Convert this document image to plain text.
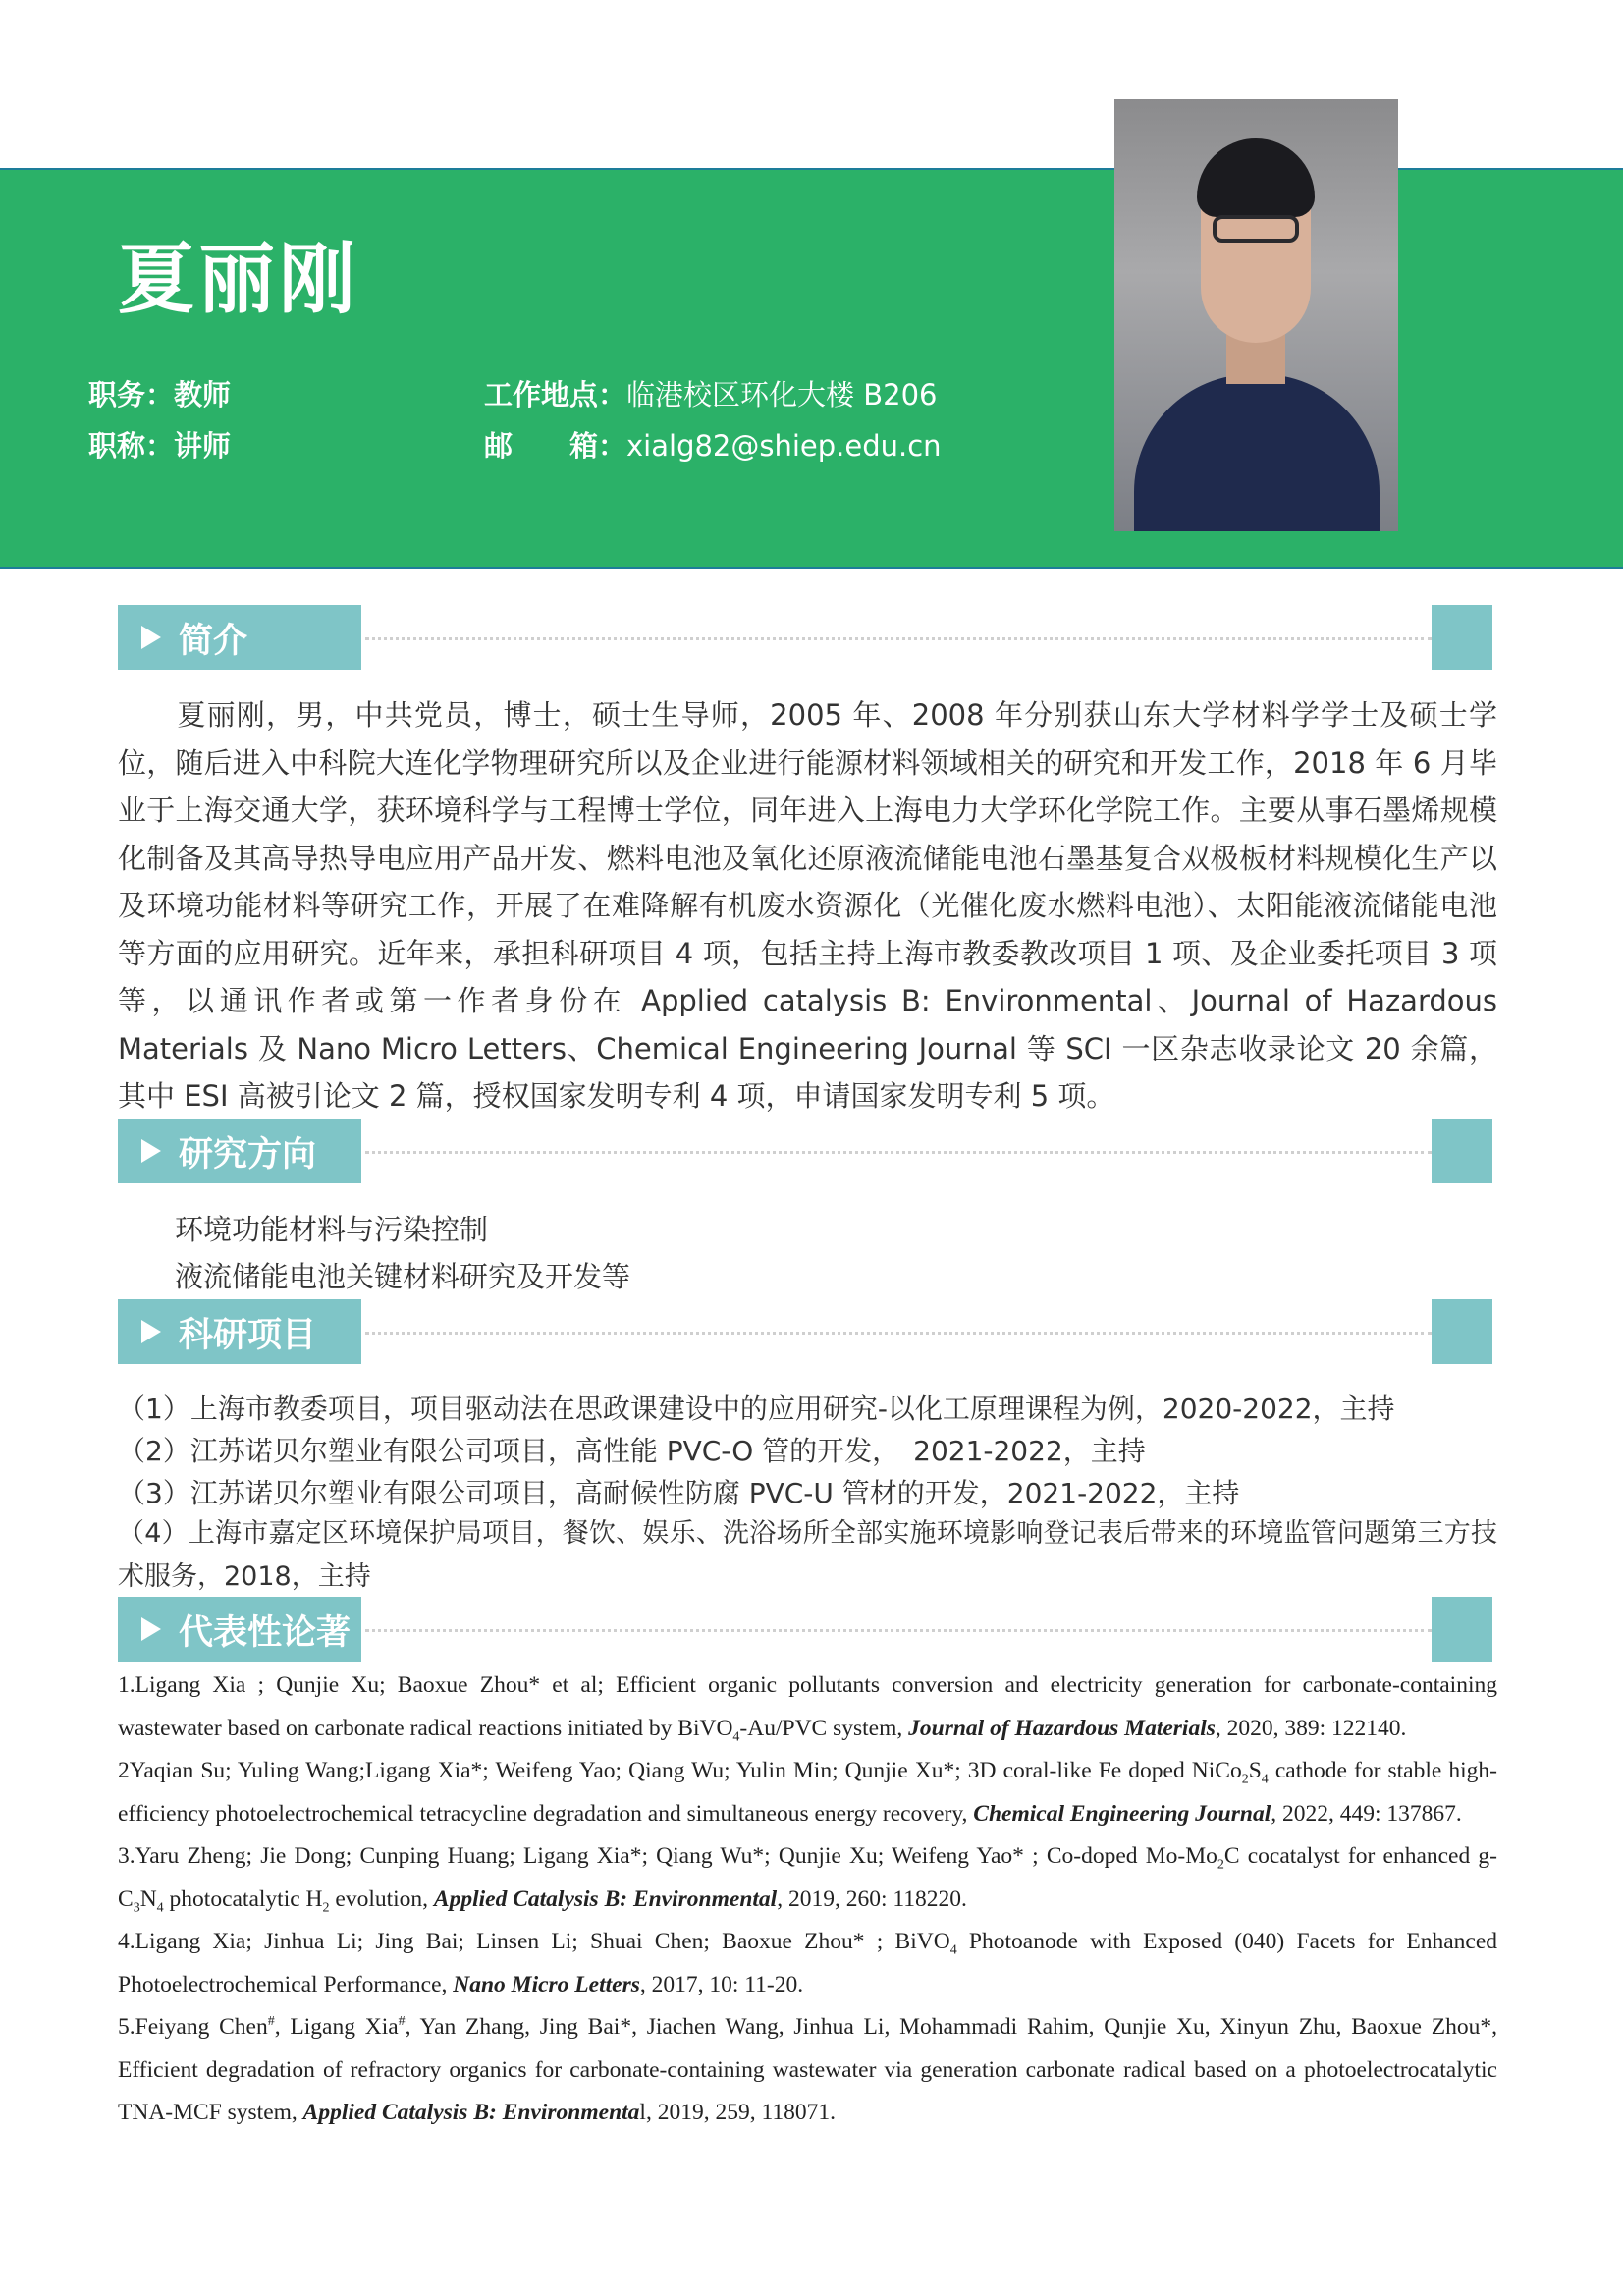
夏丽刚
职务：教师
职称：讲师
工作地点：临港校区环化大楼 B206
邮　　箱：xialg82@shiep.edu.cn
简介
　　夏丽刚，男，中共党员，博士，硕士生导师，2005 年、2008 年分别获山东大学材料学学士及硕士学位，随后进入中科院大连化学物理研究所以及企业进行能源材料领域相关的研究和开发工作，2018 年 6 月毕业于上海交通大学，获环境科学与工程博士学位，同年进入上海电力大学环化学院工作。主要从事石墨烯规模化制备及其高导热导电应用产品开发、燃料电池及氧化还原液流储能电池石墨基复合双极板材料规模化生产以及环境功能材料等研究工作，开展了在难降解有机废水资源化（光催化废水燃料电池）、太阳能液流储能电池等方面的应用研究。近年来，承担科研项目 4 项，包括主持上海市教委教改项目 1 项、及企业委托项目 3 项等，以通讯作者或第一作者身份在 Applied catalysis B: Environmental、Journal of Hazardous Materials 及 Nano Micro Letters、Chemical Engineering Journal 等 SCI 一区杂志收录论文 20 余篇，其中 ESI 高被引论文 2 篇，授权国家发明专利 4 项，申请国家发明专利 5 项。
研究方向
环境功能材料与污染控制
液流储能电池关键材料研究及开发等
科研项目
（1）上海市教委项目，项目驱动法在思政课建设中的应用研究-以化工原理课程为例，2020-2022，主持
（2）江苏诺贝尔塑业有限公司项目，高性能 PVC-O 管的开发，　2021-2022，主持
（3）江苏诺贝尔塑业有限公司项目，高耐候性防腐 PVC-U 管材的开发，2021-2022，主持
（4）上海市嘉定区环境保护局项目，餐饮、娱乐、洗浴场所全部实施环境影响登记表后带来的环境监管问题第三方技术服务，2018，主持
代表性论著

1.Ligang Xia ; Qunjie Xu; Baoxue Zhou* et al; Efficient organic pollutants conversion and electricity generation for carbonate-containing wastewater based on carbonate radical reactions initiated by BiVO$_4$-Au/PVC system, Journal of Hazardous Materials, 2020, 389: 122140.

2Yaqian Su; Yuling Wang;Ligang Xia*; Weifeng Yao; Qiang Wu; Yulin Min; Qunjie Xu*; 3D coral-like Fe doped $NiCo_2S_4$ cathode for stable high-efficiency photoelectrochemical tetracycline degradation and simultaneous energy recovery, Chemical Engineering Journal, 2022, 449: 137867.

3.Yaru Zheng; Jie Dong; Cunping Huang; Ligang Xia*; Qiang Wu*; Qunjie Xu; Weifeng Yao* ; Co-doped $Mo-Mo_2C$ cocatalyst for enhanced $g-C_3N_4$ photocatalytic $H_2$ evolution, Applied Catalysis B: Environmental, 2019, 260: 118220.

4.Ligang Xia; Jinhua Li; Jing Bai; Linsen Li; Shuai Chen; Baoxue Zhou* ; BiVO$_4$ Photoanode with Exposed (040) Facets for Enhanced Photoelectrochemical Performance, Nano Micro Letters, 2017, 10: 11-20.

5.Feiyang Chen#, Ligang Xia#, Yan Zhang, Jing Bai*, Jiachen Wang, Jinhua Li, Mohammadi Rahim, Qunjie Xu, Xinyun Zhu, Baoxue Zhou*, Efficient degradation of refractory organics for carbonate-containing wastewater via generation carbonate radical based on a photoelectrocatalytic TNA-MCF system, Applied Catalysis B: Environmental, 2019, 259, 118071.
